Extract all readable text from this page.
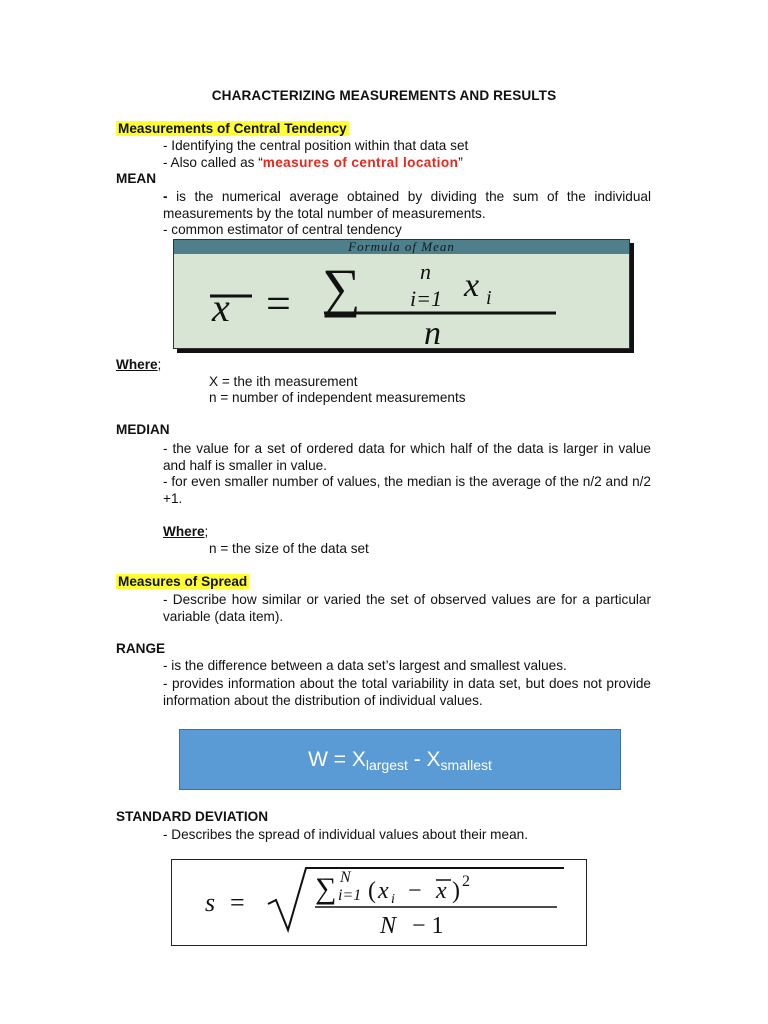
CHARACTERIZING MEASUREMENTS AND RESULTS
Measurements of Central Tendency
- Identifying the central position within that data set
- Also called as “measures of central location”
MEAN
- is the numerical average obtained by dividing the sum of the individual measurements by the total number of measurements.
- common estimator of central tendency
Formula of Mean
x = ∑	n
i=1 x i
n
Where;
X = the ith measurement
n = number of independent measurements
MEDIAN
- the value for a set of ordered data for which half of the data is larger in value and half is smaller in value.
- for even smaller number of values, the median is the average of the n/2 and n/2 +1.
Where;
n = the size of the data set
Measures of Spread
- Describe how similar or varied the set of observed values are for a particular variable (data item).
RANGE
- is the difference between a data set’s largest and smallest values.
- provides information about the total variability in data set, but does not provide information about the distribution of individual values.
$W = X_{largest} - X_{smallest}$
STANDARD DEVIATION
- Describes the spread of individual values about their mean.
s = ∑ N
i=1 ( x i − x ) 2
N − 1
